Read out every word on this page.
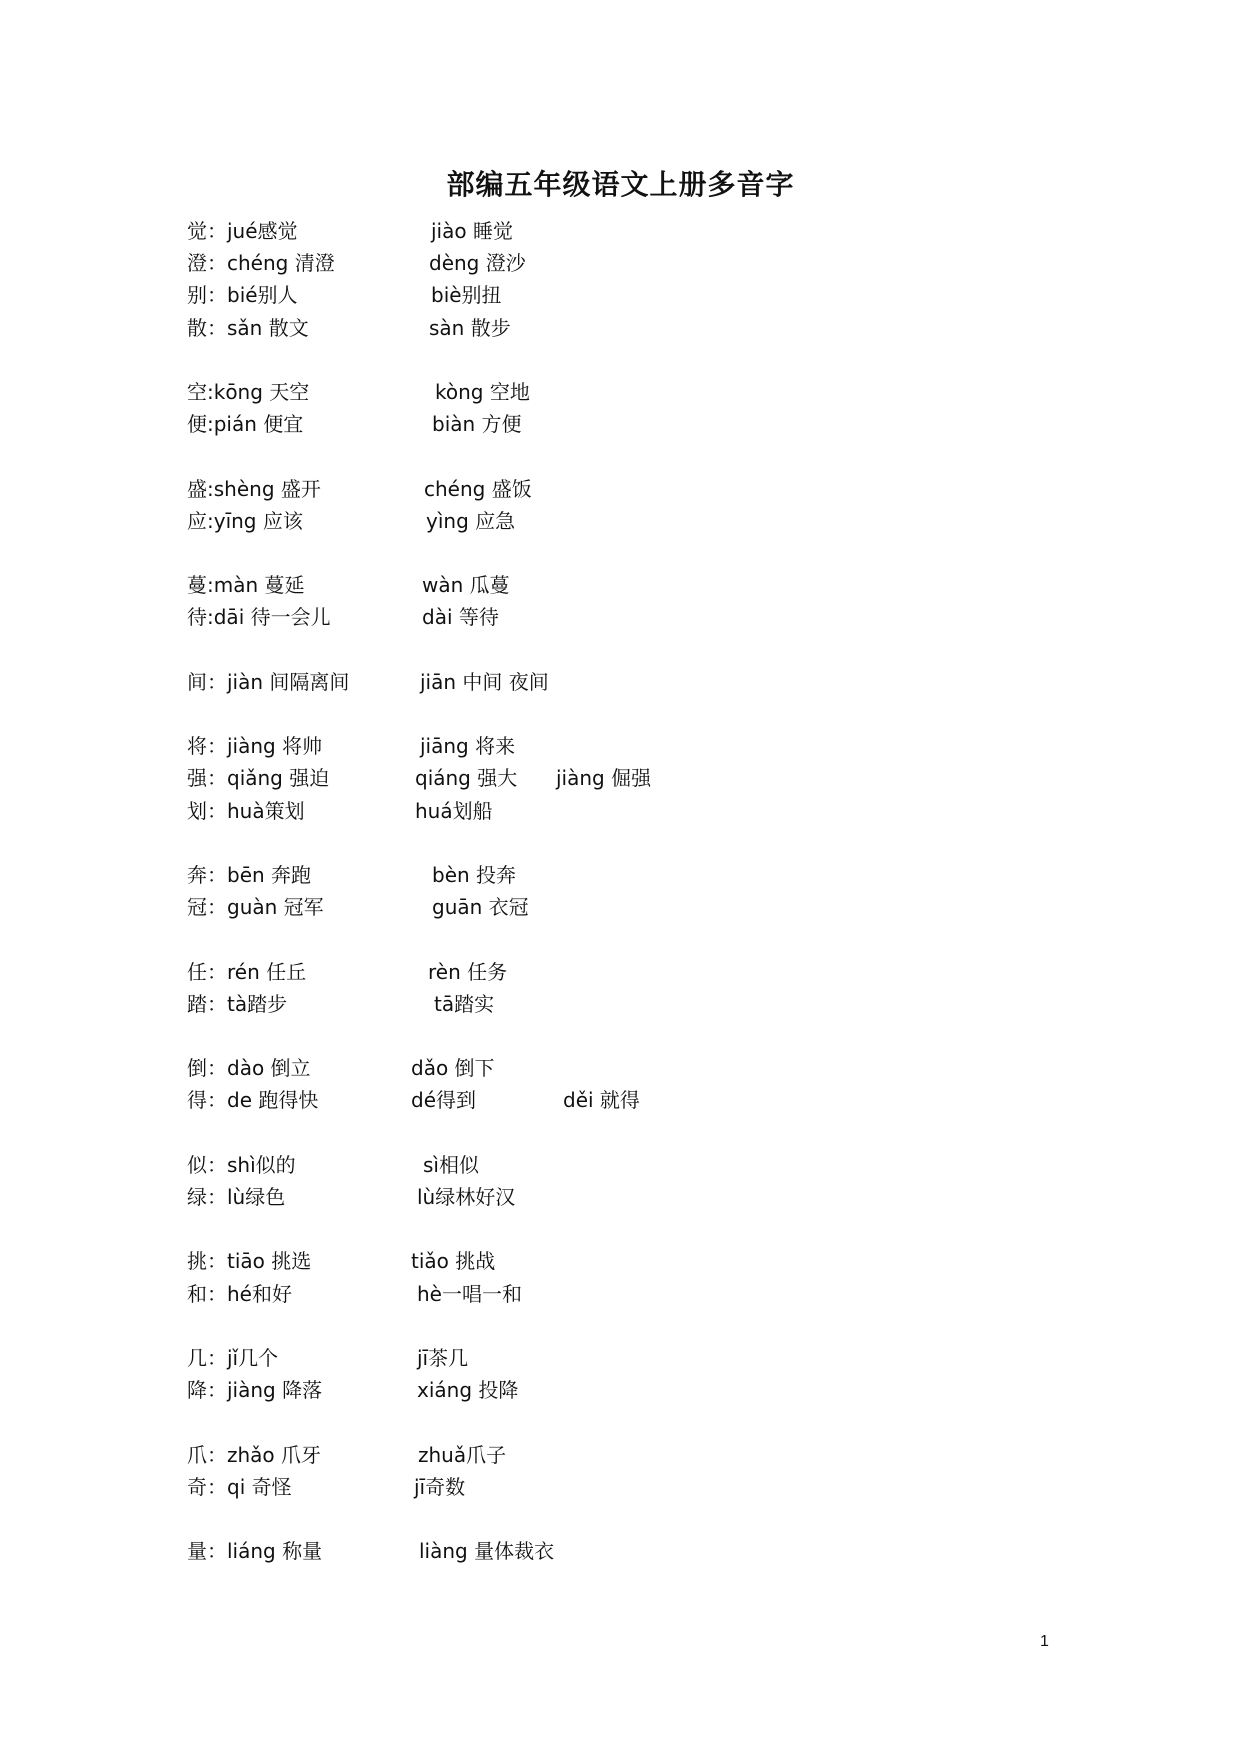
部编五年级语文上册多音字
觉：jué感觉	jiào 睡觉
澄：chéng 清澄	dèng 澄沙
别：bié别人	biè别扭
散：sǎn 散文	sàn 散步
空:kōng 天空	kòng 空地
便:pián 便宜	biàn 方便
盛:shèng 盛开	chéng 盛饭
应:yīng 应该	yìng 应急
蔓:màn 蔓延	wàn 瓜蔓
待:dāi 待一会儿	dài 等待
间：jiàn 间隔离间	jiān 中间 夜间
将：jiàng 将帅	jiāng 将来
强：qiǎng 强迫	qiáng 强大 jiàng 倔强
划：huà策划	huá划船
奔：bēn 奔跑	bèn 投奔
冠：guàn 冠军	guān 衣冠
任：rén 任丘	rèn 任务
踏：tà踏步	tā踏实
倒：dào 倒立	dǎo 倒下
得：de 跑得快	dé得到	děi 就得
似：shì似的	sì相似
绿：lù绿色	lù绿林好汉
挑：tiāo 挑选	tiǎo 挑战
和：hé和好	hè一唱一和
几：jǐ几个	jī茶几
降：jiàng 降落	xiáng 投降
爪：zhǎo 爪牙	zhuǎ爪子
奇：qi 奇怪	jī奇数
量：liáng 称量	liàng 量体裁衣
1
